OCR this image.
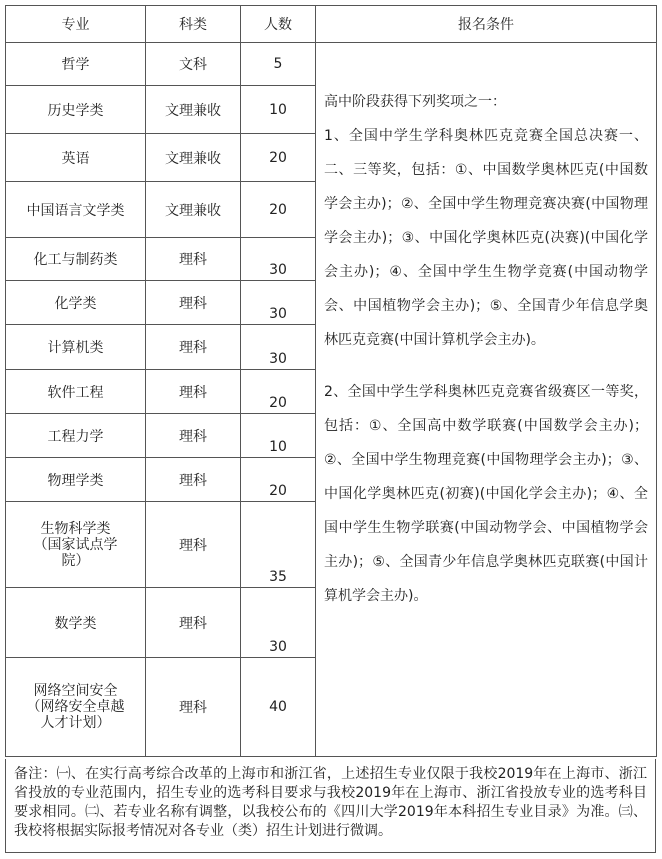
专业	科类	人数	报名条件
哲学	文科	5	高中阶段获得下列奖项之一：

1、全国中学生学科奥林匹克竞赛全国总决赛一、二、三等奖，包括：①、中国数学奥林匹克(中国数学会主办)；②、全国中学生物理竞赛决赛(中国物理学会主办)；③、中国化学奥林匹克(决赛)(中国化学会主办)；④、全国中学生生物学竞赛(中国动物学会、中国植物学会主办)；⑤、全国青少年信息学奥林匹克竞赛(中国计算机学会主办)。

2、全国中学生学科奥林匹克竞赛省级赛区一等奖，包括：①、全国高中数学联赛(中国数学会主办)；②、全国中学生物理竞赛(中国物理学会主办)；③、中国化学奥林匹克(初赛)(中国化学会主办)；④、全国中学生生物学联赛(中国动物学会、中国植物学会主办)；⑤、全国青少年信息学奥林匹克联赛(中国计算机学会主办)。

历史学类	文理兼收	10	
英语	文理兼收	20	
中国语言文学类	文理兼收	20	
化工与制药类	理科	30	
化学类	理科	30	
计算机类	理科	30	
软件工程	理科	20	
工程力学	理科	10	
物理学类	理科	20	
生物科学类
（国家试点学
院）	理科	35	
数学类	理科	30	
网络空间安全
（网络安全卓越
人才计划）	理科	40	
备注：㈠、在实行高考综合改革的上海市和浙江省，上述招生专业仅限于我校2019年在上海市、浙江省投放的专业范围内，招生专业的选考科目要求与我校2019年在上海市、浙江省投放专业的选考科目要求相同。㈡、若专业名称有调整，以我校公布的《四川大学2019年本科招生专业目录》为准。㈢、我校将根据实际报考情况对各专业（类）招生计划进行微调。
